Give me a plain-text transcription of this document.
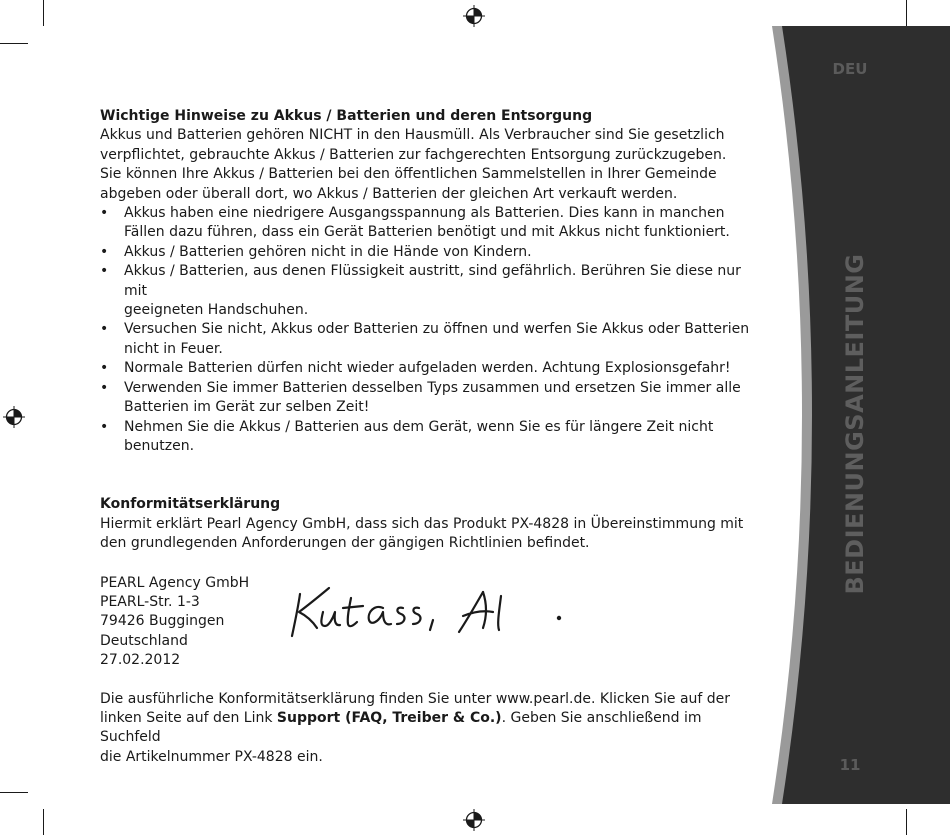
DEU
BEDIENUNGSANLEITUNG
11

Wichtige Hinweise zu Akkus / Batterien und deren Entsorgung

Akkus und Batterien gehören NICHT in den Hausmüll. Als Verbraucher sind Sie gesetzlich
verpflichtet, gebrauchte Akkus / Batterien zur fachgerechten Entsorgung zurückzugeben.
Sie können Ihre Akkus / Batterien bei den öffentlichen Sammelstellen in Ihrer Gemeinde
abgeben oder überall dort, wo Akkus / Batterien der gleichen Art verkauft werden.

• Akkus haben eine niedrigere Ausgangsspannung als Batterien. Dies kann in manchen
Fällen dazu führen, dass ein Gerät Batterien benötigt und mit Akkus nicht funktioniert.
• Akkus / Batterien gehören nicht in die Hände von Kindern.
• Akkus / Batterien, aus denen Flüssigkeit austritt, sind gefährlich. Berühren Sie diese nur mit
geeigneten Handschuhen.
• Versuchen Sie nicht, Akkus oder Batterien zu öffnen und werfen Sie Akkus oder Batterien
nicht in Feuer.
• Normale Batterien dürfen nicht wieder aufgeladen werden. Achtung Explosionsgefahr!
• Verwenden Sie immer Batterien desselben Typs zusammen und ersetzen Sie immer alle
Batterien im Gerät zur selben Zeit!
• Nehmen Sie die Akkus / Batterien aus dem Gerät, wenn Sie es für längere Zeit nicht
benutzen.

Konformitätserklärung

Hiermit erklärt Pearl Agency GmbH, dass sich das Produkt PX-4828 in Übereinstimmung mit
den grundlegenden Anforderungen der gängigen Richtlinien befindet.

PEARL Agency GmbH
PEARL-Str. 1-3
79426 Buggingen
Deutschland
27.02.2012

Die ausführliche Konformitätserklärung finden Sie unter www.pearl.de. Klicken Sie auf der
linken Seite auf den Link Support (FAQ, Treiber & Co.). Geben Sie anschließend im Suchfeld
die Artikelnummer PX-4828 ein.
